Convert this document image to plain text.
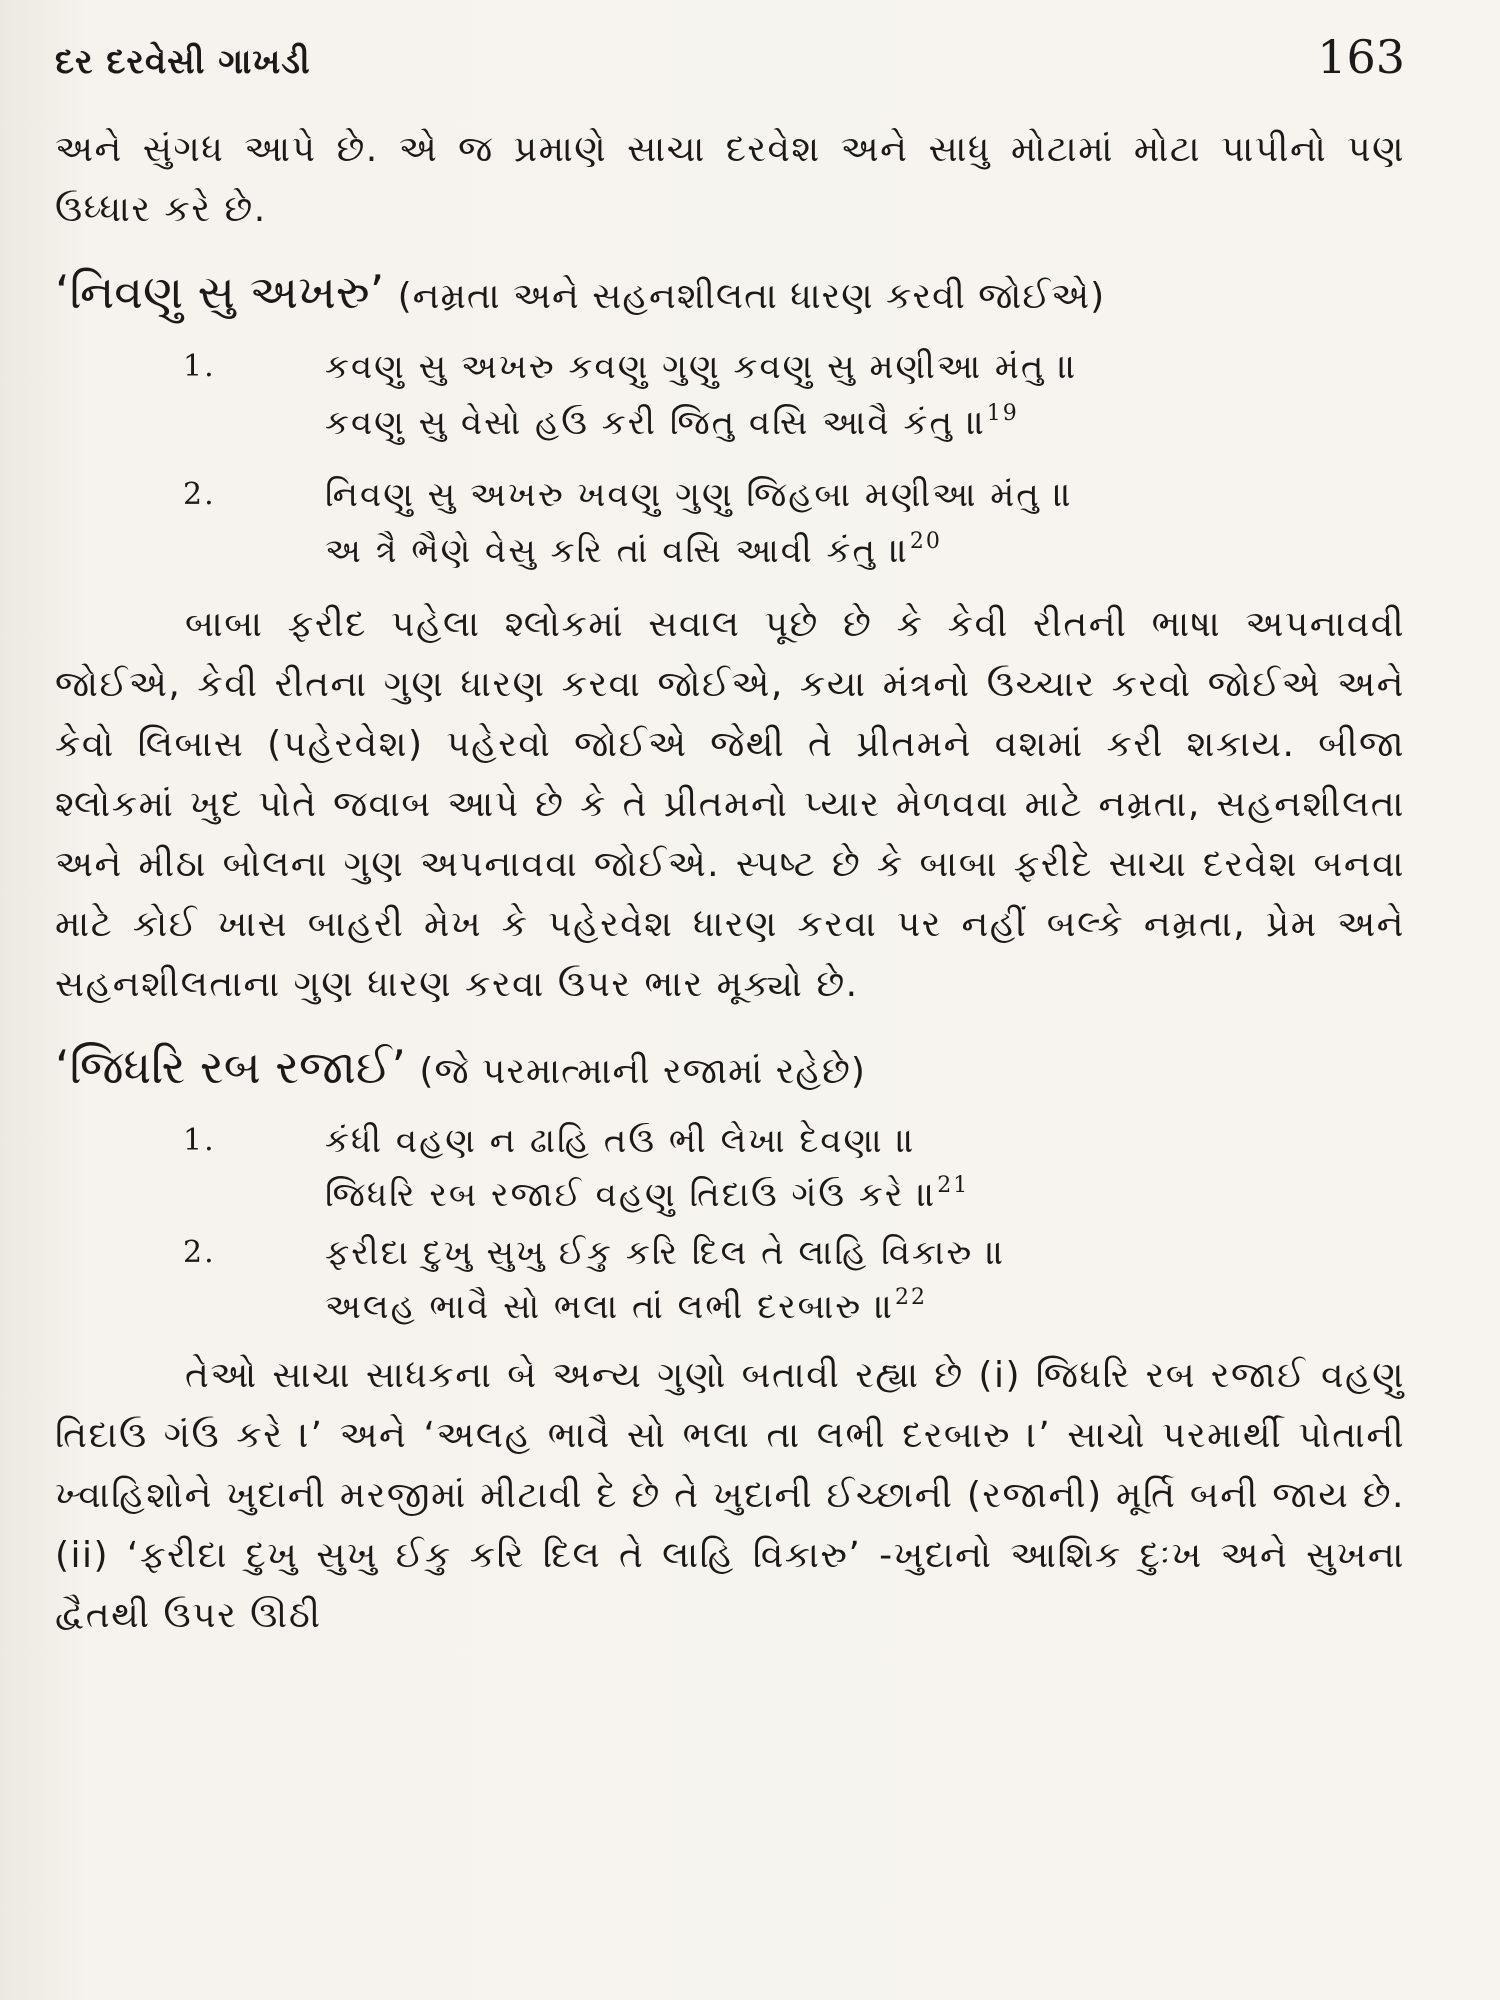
દર દરવેસી ગાખડી	163

અને સુંગધ આપે છે. એ જ પ્રમાણે સાચા દરવેશ અને સાધુ મોટામાં મોટા પાપીનો પણ ઉધ્ધાર કરે છે.

‘નિવણુ સુ અખરુ’ (નમ્રતા અને સહનશીલતા ધારણ કરવી જોઈએ)
1.	કવણુ સુ અખરુ કવણુ ગુણુ કવણુ સુ મણીઆ મંતુ ॥
કવણુ સુ વેસો હઉ કરી જિતુ વસિ આવૈ કંતુ ॥$^{19}$
2.	નિવણુ સુ અખરુ ખવણુ ગુણુ જિહબા મણીઆ મંતુ ॥
અ ત્રૈ ભૈણે વેસુ કરિ તાં વસિ આવી કંતુ ॥$^{20}$

બાબા ફરીદ પહેલા શ્લોકમાં સવાલ પૂછે છે કે કેવી રીતની ભાષા અપનાવવી જોઈએ, કેવી રીતના ગુણ ધારણ કરવા જોઈએ, કયા મંત્રનો ઉચ્ચાર કરવો જોઈએ અને કેવો લિબાસ (પહેરવેશ) પહેરવો જોઈએ જેથી તે પ્રીતમને વશમાં કરી શકાય. બીજા શ્લોકમાં ખુદ પોતે જવાબ આપે છે કે તે પ્રીતમનો પ્યાર મેળવવા માટે નમ્રતા, સહનશીલતા અને મીઠા બોલના ગુણ અપનાવવા જોઈએ. સ્પષ્ટ છે કે બાબા ફરીદે સાચા દરવેશ બનવા માટે કોઈ ખાસ બાહરી મેખ કે પહેરવેશ ધારણ કરવા પર નહીં બલ્કે નમ્રતા, પ્રેમ અને સહનશીલતાના ગુણ ધારણ કરવા ઉપર ભાર મૂક્યો છે.

‘જિધરિ રબ રજાઈ’ (જે પરમાત્માની રજામાં રહેછે)
1.	કંધી વહણ ન ઢાહિ તઉ ભી લેખા દેવણા ॥
જિધરિ રબ રજાઈ વહણુ તિદાઉ ગંઉ કરે ॥$^{21}$
2.	ફરીદા દુખુ સુખુ ઈકુ કરિ દિલ તે લાહિ વિકારુ ॥
અલહ ભાવૈ સો ભલા તાં લભી દરબારુ ॥$^{22}$

તેઓ સાચા સાધકના બે અન્ય ગુણો બતાવી રહ્યા છે (i) જિધરિ રબ રજાઈ વહણુ તિદાઉ ગંઉ કરે ।’ અને ‘અલહ ભાવૈ સો ભલા તા લભી દરબારુ ।’ સાચો પરમાર્થી પોતાની ખ્વાહિશોને ખુદાની મરજીમાં મીટાવી દે છે તે ખુદાની ઈચ્છાની (રજાની) મૂર્તિ બની જાય છે. (ii) ‘ફરીદા દુખુ સુખુ ઈકુ કરિ દિલ તે લાહિ વિકારુ’ -ખુદાનો આશિક દુઃખ અને સુખના દ્વૈતથી ઉપર ઊઠી
